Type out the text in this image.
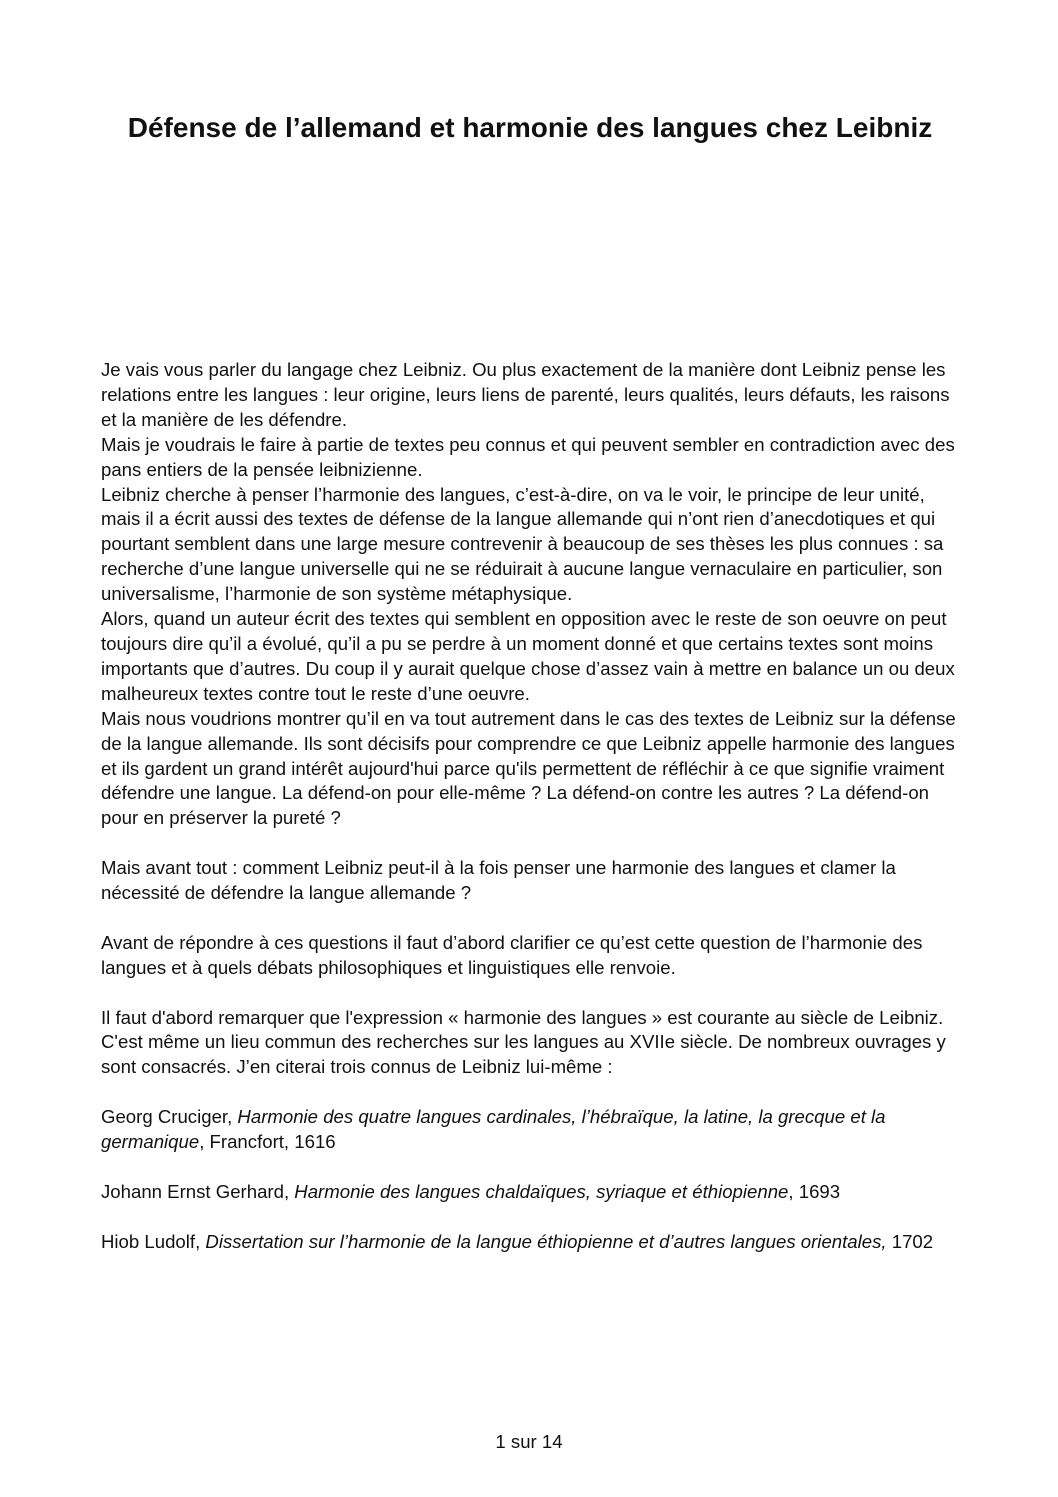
Défense de l’allemand et harmonie des langues chez Leibniz

Je vais vous parler du langage chez Leibniz. Ou plus exactement de la manière dont Leibniz pense les relations entre les langues : leur origine, leurs liens de parenté, leurs qualités, leurs défauts, les raisons et la manière de les défendre.

Mais je voudrais le faire à partie de textes peu connus et qui peuvent sembler en contradiction avec des pans entiers de la pensée leibnizienne.

Leibniz cherche à penser l’harmonie des langues, c’est-à-dire, on va le voir, le principe de leur unité, mais il a écrit aussi des textes de défense de la langue allemande qui n’ont rien d’anecdotiques et qui pourtant semblent dans une large mesure contrevenir à beaucoup de ses thèses les plus connues : sa recherche d’une langue universelle qui ne se réduirait à aucune langue vernaculaire en particulier, son universalisme, l’harmonie de son système métaphysique.

Alors, quand un auteur écrit des textes qui semblent en opposition avec le reste de son oeuvre on peut toujours dire qu’il a évolué, qu’il a pu se perdre à un moment donné et que certains textes sont moins importants que d’autres. Du coup il y aurait quelque chose d’assez vain à mettre en balance un ou deux malheureux textes contre tout le reste d’une oeuvre.

Mais nous voudrions montrer qu’il en va tout autrement dans le cas des textes de Leibniz sur la défense de la langue allemande. Ils sont décisifs pour comprendre ce que Leibniz appelle harmonie des langues et ils gardent un grand intérêt aujourd'hui parce qu'ils permettent de réfléchir à ce que signifie vraiment défendre une langue. La défend-on pour elle-même ? La défend-on contre les autres ? La défend-on pour en préserver la pureté ?

Mais avant tout : comment Leibniz peut-il à la fois penser une harmonie des langues et clamer la nécessité de défendre la langue allemande ?

Avant de répondre à ces questions il faut d’abord clarifier ce qu’est cette question de l’harmonie des langues et à quels débats philosophiques et linguistiques elle renvoie.

Il faut d'abord remarquer que l'expression « harmonie des langues » est courante au siècle de Leibniz. C'est même un lieu commun des recherches sur les langues au XVIIe siècle. De nombreux ouvrages y sont consacrés. J’en citerai trois connus de Leibniz lui-même :

Georg Cruciger, Harmonie des quatre langues cardinales, l’hébraïque, la latine, la grecque et la germanique, Francfort, 1616

Johann Ernst Gerhard, Harmonie des langues chaldaïques, syriaque et éthiopienne, 1693

Hiob Ludolf, Dissertation sur l’harmonie de la langue éthiopienne et d’autres langues orientales, 1702

1 sur 14
